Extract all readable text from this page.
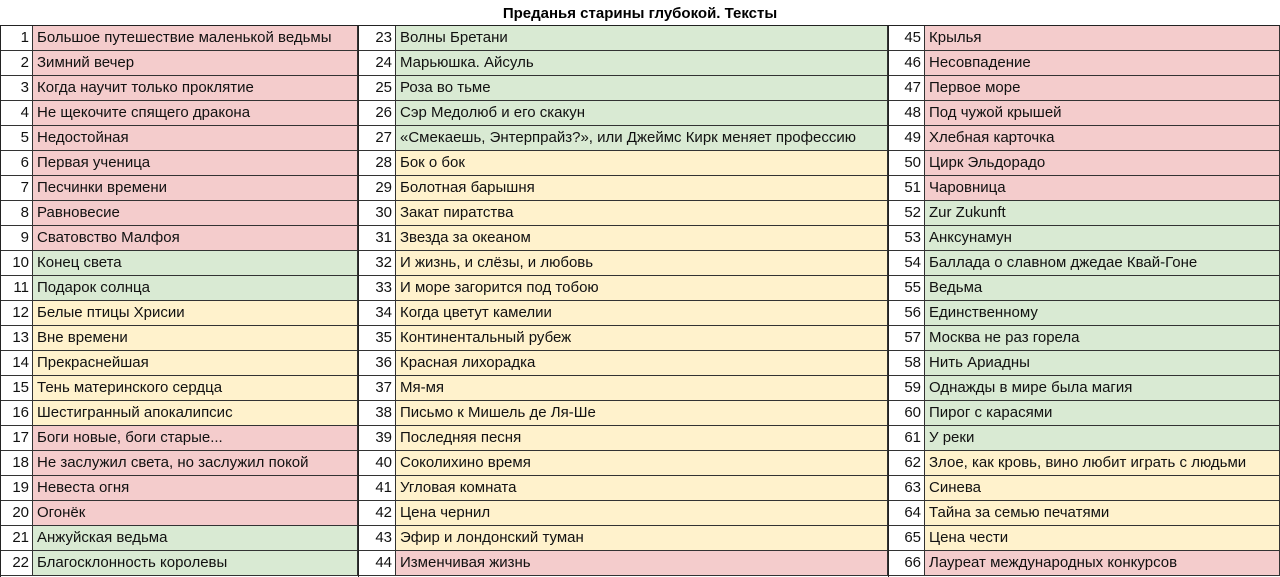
Преданья старины глубокой. Тексты
1 Большое путешествие маленькой ведьмы
2 Зимний вечер
3 Когда научит только проклятие
4 Не щекочите спящего дракона
5 Недостойная
6 Первая ученица
7 Песчинки времени
8 Равновесие
9 Сватовство Малфоя
10 Конец света
11 Подарок солнца
12 Белые птицы Хрисии
13 Вне времени
14 Прекраснейшая
15 Тень материнского сердца
16 Шестигранный апокалипсис
17 Боги новые, боги старые...
18 Не заслужил света, но заслужил покой
19 Невеста огня
20 Огонёк
21 Анжуйская ведьма
22 Благосклонность королевы
23 Волны Бретани
24 Марьюшка. Айсуль
25 Роза во тьме
26 Сэр Медолюб и его скакун
27 «Смекаешь, Энтерпрайз?», или Джеймс Кирк меняет профессию
28 Бок о бок
29 Болотная барышня
30 Закат пиратства
31 Звезда за океаном
32 И жизнь, и слёзы, и любовь
33 И море загорится под тобою
34 Когда цветут камелии
35 Континентальный рубеж
36 Красная лихорадка
37 Мя-мя
38 Письмо к Мишель де Ля-Ше
39 Последняя песня
40 Соколихино время
41 Угловая комната
42 Цена чернил
43 Эфир и лондонский туман
44 Изменчивая жизнь
45 Крылья
46 Несовпадение
47 Первое море
48 Под чужой крышей
49 Хлебная карточка
50 Цирк Эльдорадо
51 Чаровница
52 Zur Zukunft
53 Анксунамун
54 Баллада о славном джедае Квай-Гоне
55 Ведьма
56 Единственному
57 Москва не раз горела
58 Нить Ариадны
59 Однажды в мире была магия
60 Пирог с карасями
61 У реки
62 Злое, как кровь, вино любит играть с людьми
63 Синева
64 Тайна за семью печатями
65 Цена чести
66 Лауреат международных конкурсов
